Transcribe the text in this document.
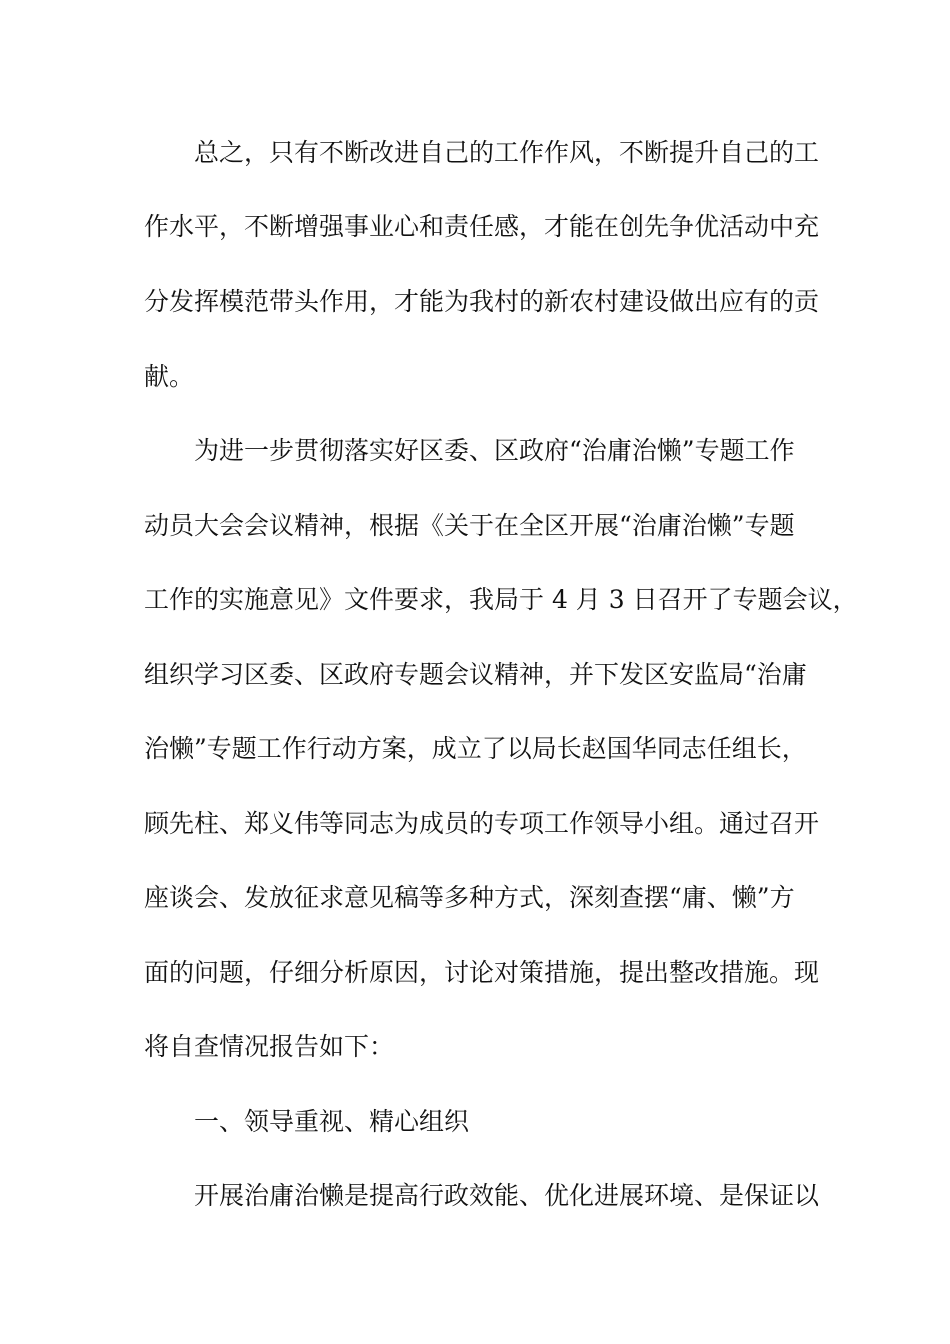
　　总之，只有不断改进自己的工作作风，不断提升自己的工

作水平，不断增强事业心和责任感，才能在创先争优活动中充

分发挥模范带头作用，才能为我村的新农村建设做出应有的贡

献。

　　为进一步贯彻落实好区委、区政府“治庸治懒”专题工作

动员大会会议精神，根据《关于在全区开展“治庸治懒”专题

工作的实施意见》文件要求，我局于 4 月 3 日召开了专题会议，

组织学习区委、区政府专题会议精神，并下发区安监局“治庸

治懒”专题工作行动方案，成立了以局长赵国华同志任组长，

顾先柱、郑义伟等同志为成员的专项工作领导小组。通过召开

座谈会、发放征求意见稿等多种方式，深刻查摆“庸、懒”方

面的问题，仔细分析原因，讨论对策措施，提出整改措施。现

将自查情况报告如下：

　　一、领导重视、精心组织

　　开展治庸治懒是提高行政效能、优化进展环境、是保证以
